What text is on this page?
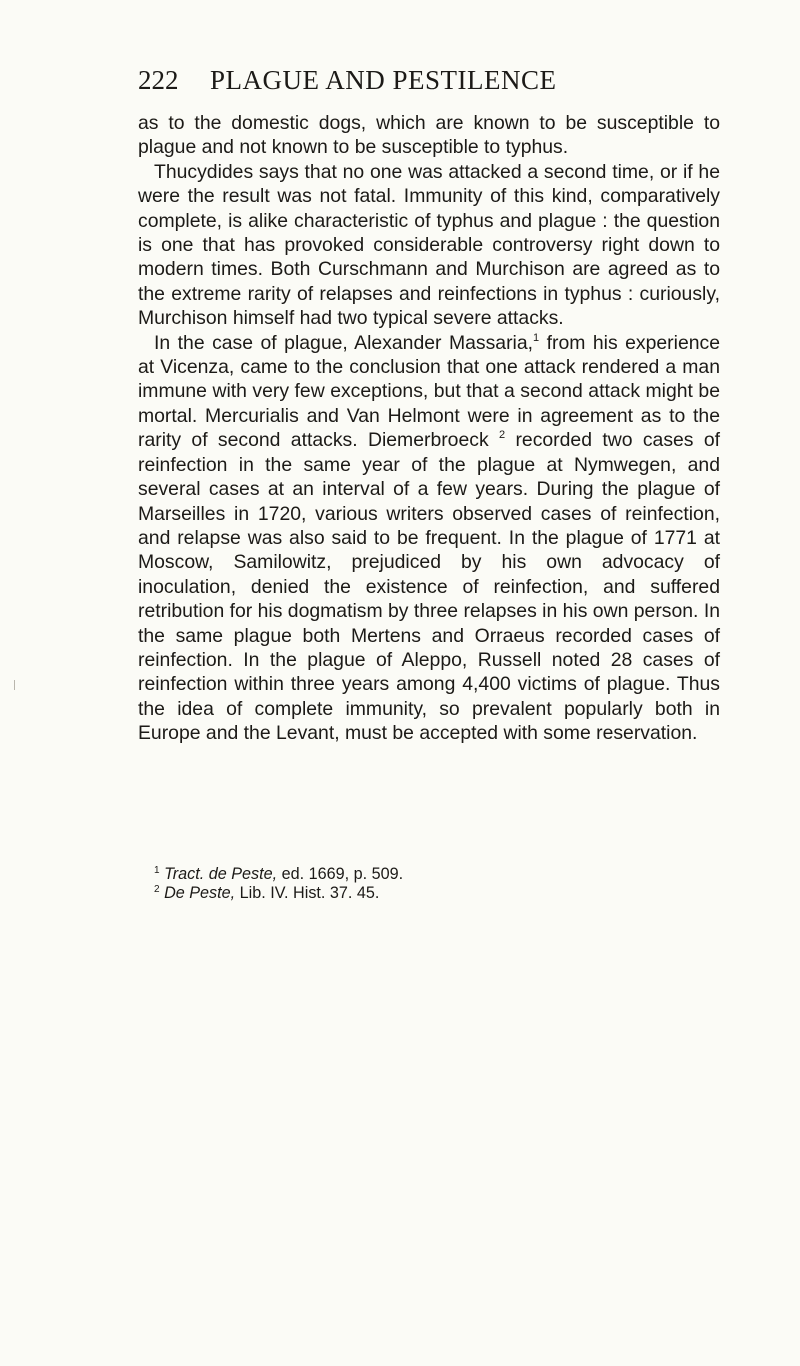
222 PLAGUE AND PESTILENCE

as to the domestic dogs, which are known to be susceptible to plague and not known to be susceptible to typhus.

Thucydides says that no one was attacked a second time, or if he were the result was not fatal. Immunity of this kind, comparatively complete, is alike characteristic of typhus and plague : the question is one that has provoked considerable controversy right down to modern times. Both Curschmann and Murchison are agreed as to the extreme rarity of relapses and reinfections in typhus : curiously, Murchison himself had two typical severe attacks.

In the case of plague, Alexander Massaria,$^1$ from his experience at Vicenza, came to the conclusion that one attack rendered a man immune with very few exceptions, but that a second attack might be mortal. Mercurialis and Van Helmont were in agreement as to the rarity of second attacks. Diemerbroeck $^2$ recorded two cases of reinfection in the same year of the plague at Nymwegen, and several cases at an interval of a few years. During the plague of Marseilles in 1720, various writers observed cases of reinfection, and relapse was also said to be frequent. In the plague of 1771 at Moscow, Samilowitz, prejudiced by his own advocacy of inoculation, denied the existence of reinfection, and suffered retribution for his dogmatism by three relapses in his own person. In the same plague both Mertens and Orraeus recorded cases of reinfection. In the plague of Aleppo, Russell noted 28 cases of reinfection within three years among 4,400 victims of plague. Thus the idea of complete immunity, so prevalent popularly both in Europe and the Levant, must be accepted with some reservation.

$^1$ Tract. de Peste, ed. 1669, p. 509.

$^2$ De Peste, Lib. IV. Hist. 37. 45.
